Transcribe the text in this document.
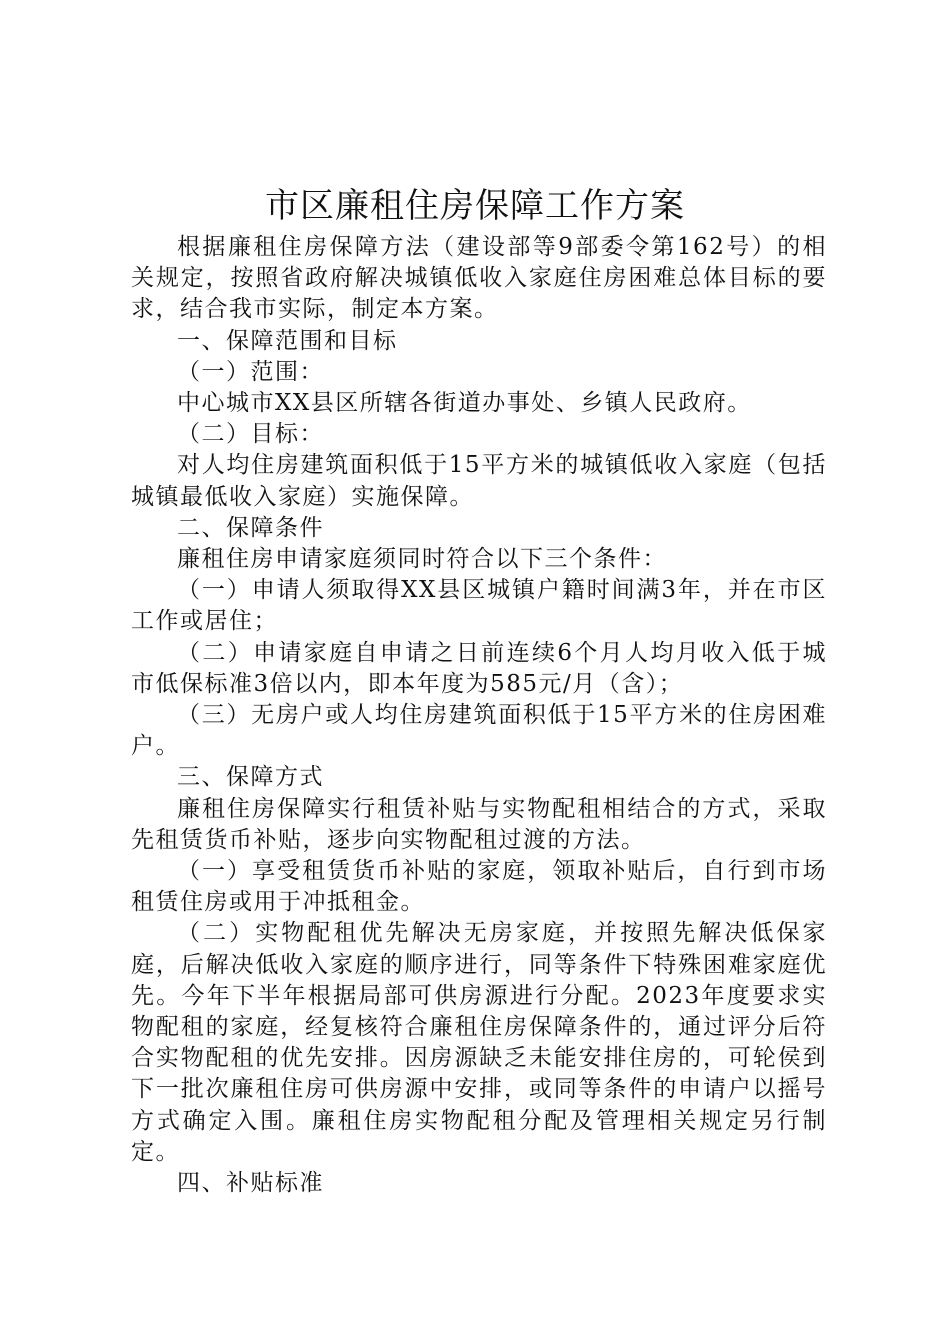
市区廉租住房保障工作方案

根据廉租住房保障方法（建设部等9部委令第162号）的相关规定，按照省政府解决城镇低收入家庭住房困难总体目标的要求，结合我市实际，制定本方案。

一、保障范围和目标

（一）范围：

中心城市XX县区所辖各街道办事处、乡镇人民政府。

（二）目标：

对人均住房建筑面积低于15平方米的城镇低收入家庭（包括城镇最低收入家庭）实施保障。

二、保障条件

廉租住房申请家庭须同时符合以下三个条件：

（一）申请人须取得XX县区城镇户籍时间满3年，并在市区工作或居住；

（二）申请家庭自申请之日前连续6个月人均月收入低于城市低保标准3倍以内，即本年度为585元/月（含）；

（三）无房户或人均住房建筑面积低于15平方米的住房困难户。

三、保障方式

廉租住房保障实行租赁补贴与实物配租相结合的方式，采取先租赁货币补贴，逐步向实物配租过渡的方法。

（一）享受租赁货币补贴的家庭，领取补贴后，自行到市场租赁住房或用于冲抵租金。

（二）实物配租优先解决无房家庭，并按照先解决低保家庭，后解决低收入家庭的顺序进行，同等条件下特殊困难家庭优先。今年下半年根据局部可供房源进行分配。2023年度要求实物配租的家庭，经复核符合廉租住房保障条件的，通过评分后符合实物配租的优先安排。因房源缺乏未能安排住房的，可轮侯到下一批次廉租住房可供房源中安排，或同等条件的申请户以摇号方式确定入围。廉租住房实物配租分配及管理相关规定另行制定。

四、补贴标准
